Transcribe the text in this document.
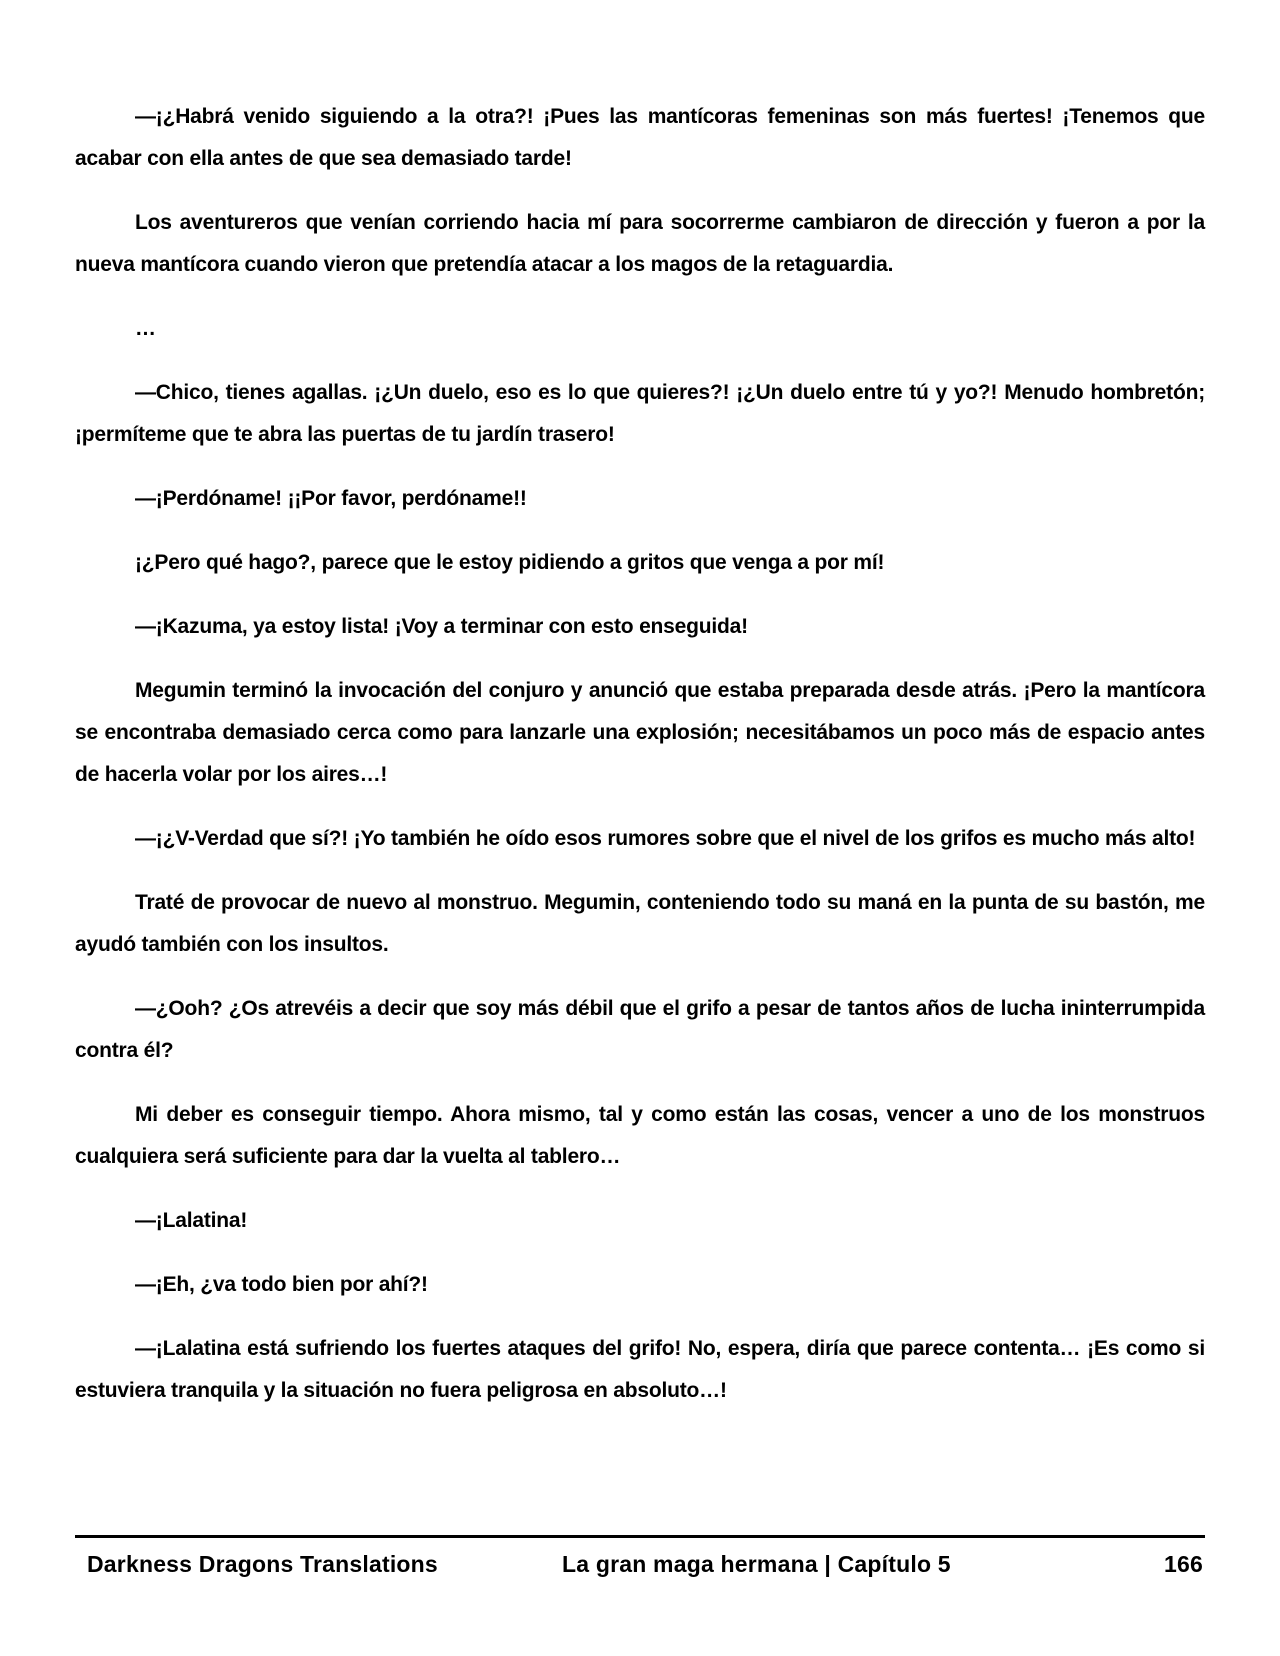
—¡¿Habrá venido siguiendo a la otra?! ¡Pues las mantícoras femeninas son más fuertes! ¡Tenemos que acabar con ella antes de que sea demasiado tarde!

Los aventureros que venían corriendo hacia mí para socorrerme cambiaron de dirección y fueron a por la nueva mantícora cuando vieron que pretendía atacar a los magos de la retaguardia.

…

—Chico, tienes agallas. ¡¿Un duelo, eso es lo que quieres?! ¡¿Un duelo entre tú y yo?! Menudo hombretón; ¡permíteme que te abra las puertas de tu jardín trasero!

—¡Perdóname! ¡¡Por favor, perdóname!!

¡¿Pero qué hago?, parece que le estoy pidiendo a gritos que venga a por mí!

—¡Kazuma, ya estoy lista! ¡Voy a terminar con esto enseguida!

Megumin terminó la invocación del conjuro y anunció que estaba preparada desde atrás. ¡Pero la mantícora se encontraba demasiado cerca como para lanzarle una explosión; necesitábamos un poco más de espacio antes de hacerla volar por los aires…!

—¡¿V-Verdad que sí?! ¡Yo también he oído esos rumores sobre que el nivel de los grifos es mucho más alto!

Traté de provocar de nuevo al monstruo. Megumin, conteniendo todo su maná en la punta de su bastón, me ayudó también con los insultos.

—¿Ooh? ¿Os atrevéis a decir que soy más débil que el grifo a pesar de tantos años de lucha ininterrumpida contra él?

Mi deber es conseguir tiempo. Ahora mismo, tal y como están las cosas, vencer a uno de los monstruos cualquiera será suficiente para dar la vuelta al tablero…

—¡Lalatina!

—¡Eh, ¿va todo bien por ahí?!

—¡Lalatina está sufriendo los fuertes ataques del grifo! No, espera, diría que parece contenta… ¡Es como si estuviera tranquila y la situación no fuera peligrosa en absoluto…!

Darkness Dragons Translations	La gran maga hermana | Capítulo 5	166
